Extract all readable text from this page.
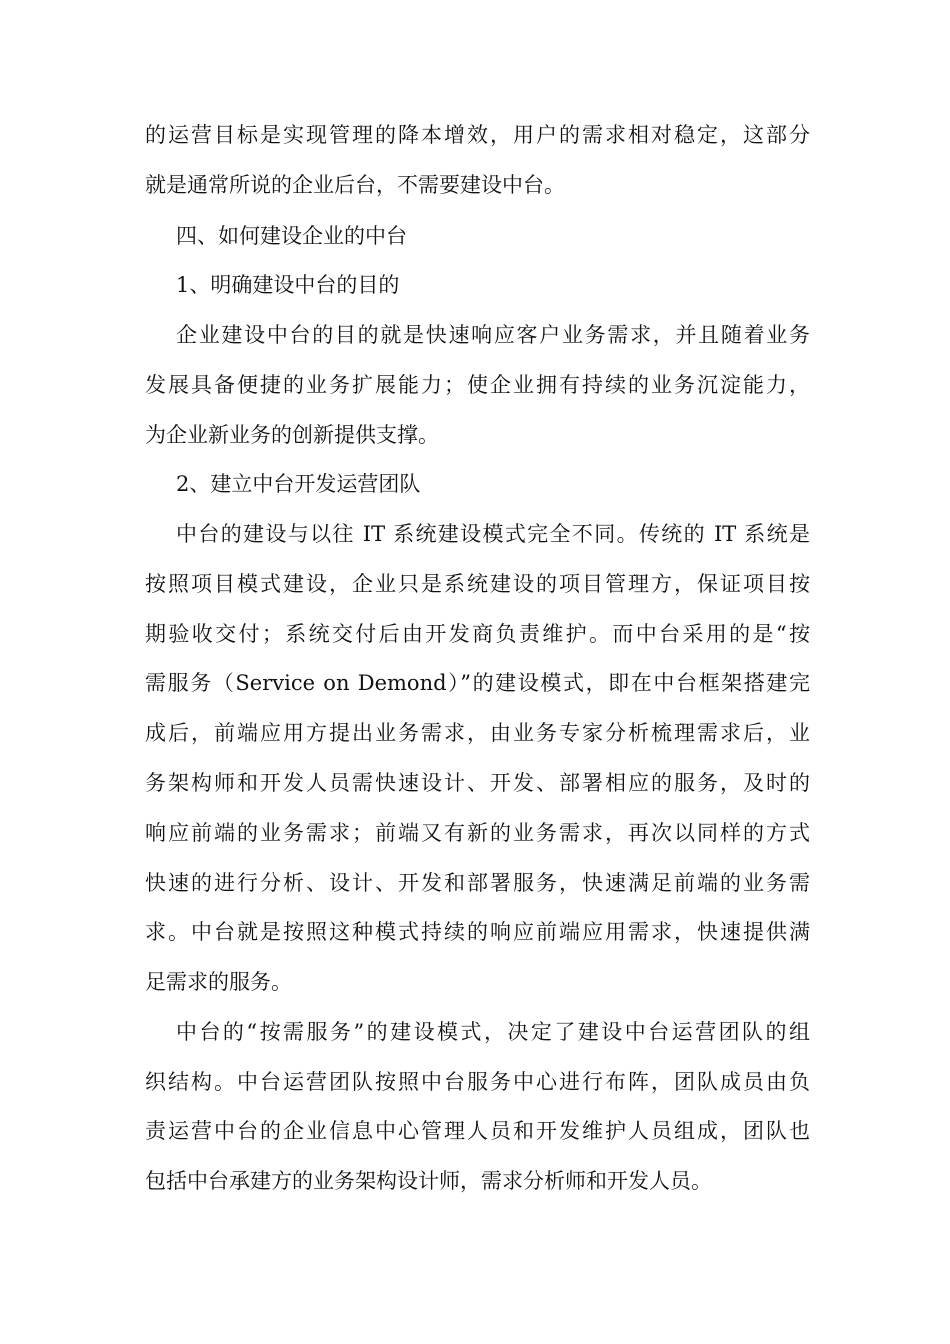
的运营目标是实现管理的降本增效，用户的需求相对稳定，这部分
就是通常所说的企业后台，不需要建设中台。
四、如何建设企业的中台
1、明确建设中台的目的
企业建设中台的目的就是快速响应客户业务需求，并且随着业务
发展具备便捷的业务扩展能力；使企业拥有持续的业务沉淀能力，
为企业新业务的创新提供支撑。
2、建立中台开发运营团队
中台的建设与以往 IT 系统建设模式完全不同。传统的 IT 系统是
按照项目模式建设，企业只是系统建设的项目管理方，保证项目按
期验收交付；系统交付后由开发商负责维护。而中台采用的是“按
需服务（Service on Demond）”的建设模式，即在中台框架搭建完
成后，前端应用方提出业务需求，由业务专家分析梳理需求后，业
务架构师和开发人员需快速设计、开发、部署相应的服务，及时的
响应前端的业务需求；前端又有新的业务需求，再次以同样的方式
快速的进行分析、设计、开发和部署服务，快速满足前端的业务需
求。中台就是按照这种模式持续的响应前端应用需求，快速提供满
足需求的服务。
中台的“按需服务”的建设模式，决定了建设中台运营团队的组
织结构。中台运营团队按照中台服务中心进行布阵，团队成员由负
责运营中台的企业信息中心管理人员和开发维护人员组成，团队也
包括中台承建方的业务架构设计师，需求分析师和开发人员。
